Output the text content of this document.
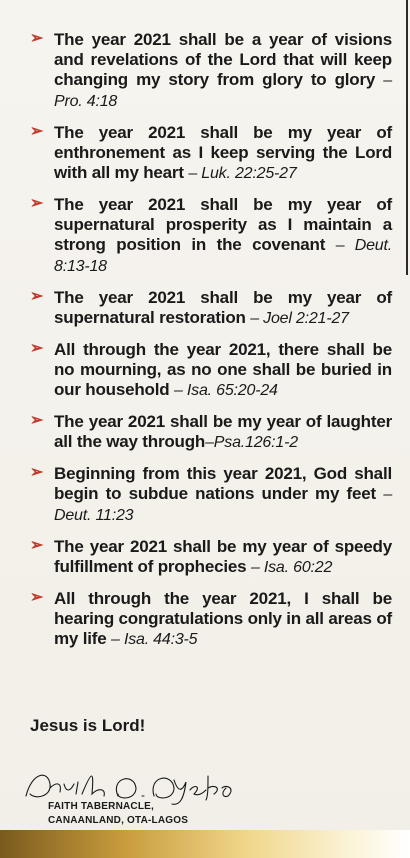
➢ The year 2021 shall be a year of visions and revelations of the Lord that will keep changing my story from glory to glory – Pro. 4:18
➢ The year 2021 shall be my year of enthronement as I keep serving the Lord with all my heart – Luk. 22:25-27
➢ The year 2021 shall be my year of supernatural prosperity as I maintain a strong position in the covenant – Deut. 8:13-18
➢ The year 2021 shall be my year of supernatural restoration – Joel 2:21-27
➢ All through the year 2021, there shall be no mourning, as no one shall be buried in our household – Isa. 65:20-24
➢ The year 2021 shall be my year of laughter all the way through–Psa.126:1-2
➢ Beginning from this year 2021, God shall begin to subdue nations under my feet – Deut. 11:23
➢ The year 2021 shall be my year of speedy fulfillment of prophecies – Isa. 60:22
➢ All through the year 2021, I shall be hearing congratulations only in all areas of my life – Isa. 44:3-5
Jesus is Lord!
FAITH TABERNACLE,
CANAANLAND, OTA-LAGOS
